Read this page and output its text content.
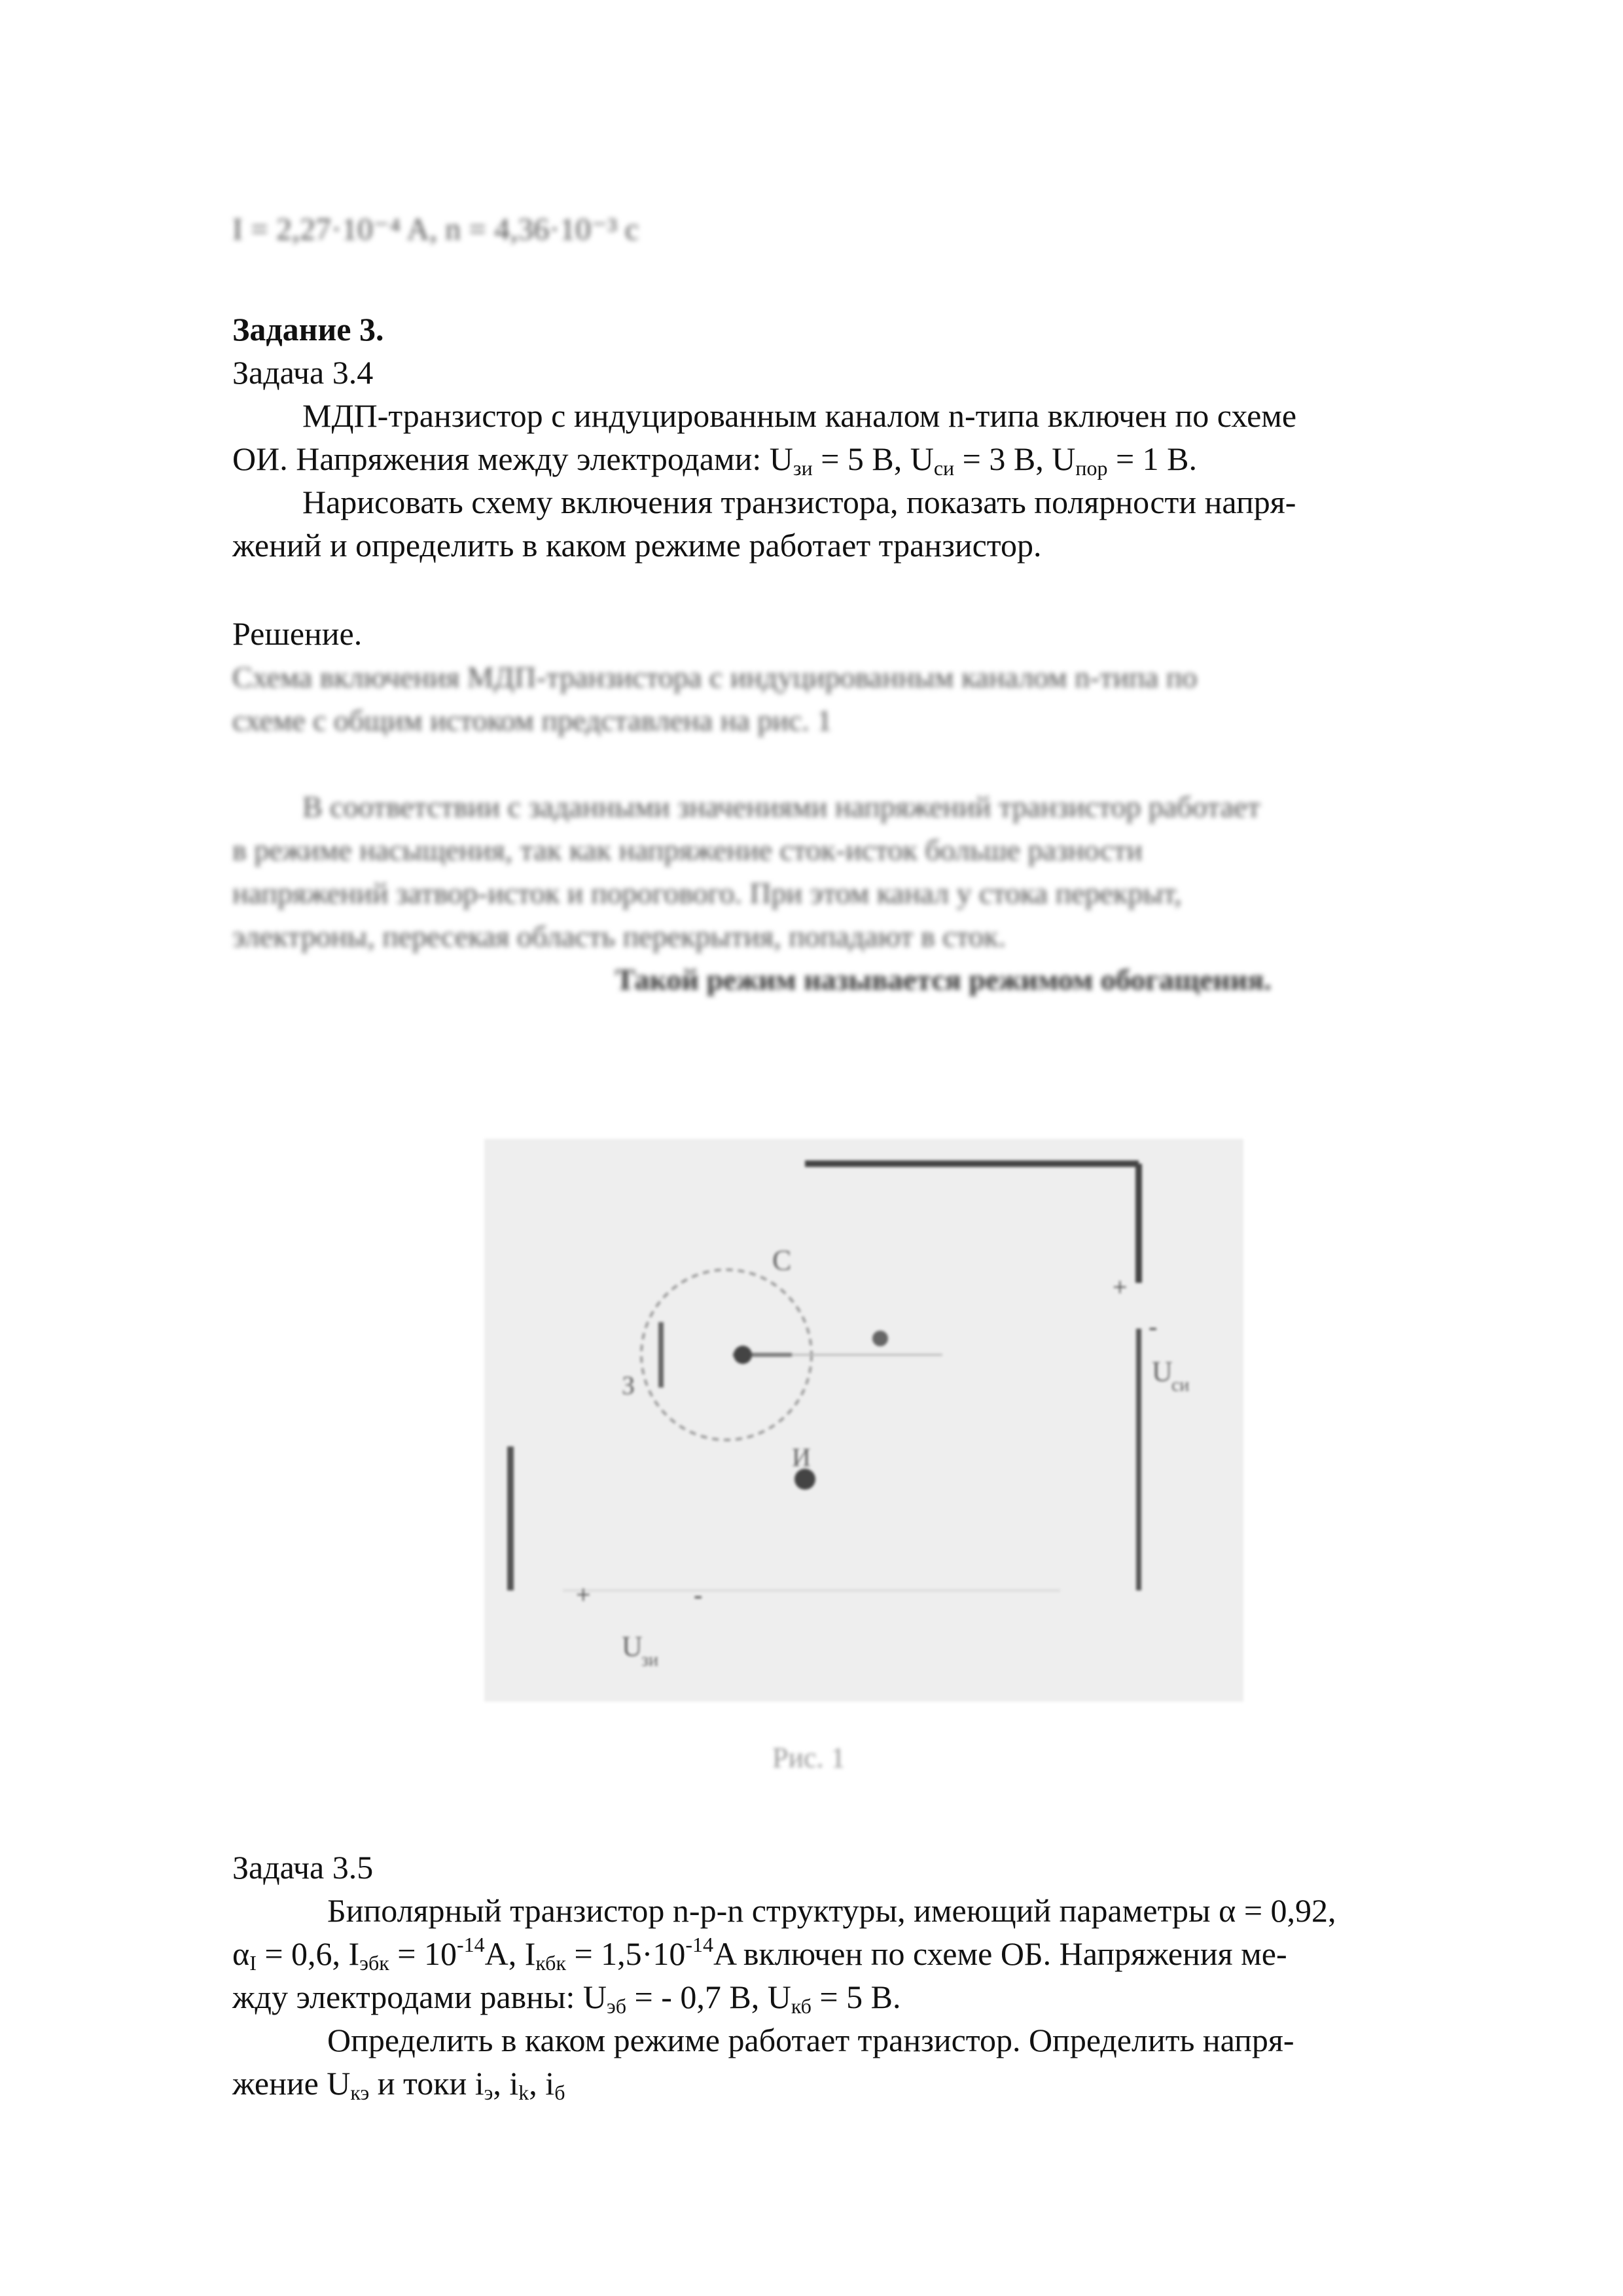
I = 2,27·10⁻⁴ A, n = 4,36·10⁻³ с
Задание 3.
Задача 3.4
МДП-транзистор с индуцированным каналом n-типа включен по схеме
ОИ. Напряжения между электродами: $U_{зи} = 5$ В, $U_{си} = 3$ В, $U_{пор} = 1$ В.
Нарисовать схему включения транзистора, показать полярности напря-
жений и определить в каком режиме работает транзистор.
Решение.
Схема включения МДП-транзистора с индуцированным каналом n-типа по
схеме с общим истоком представлена на рис. 1
В соответствии с заданными значениями напряжений транзистор работает
в режиме насыщения, так как напряжение сток-исток больше разности
напряжений затвор-исток и порогового. При этом канал у стока перекрыт,
электроны, пересекая область перекрытия, попадают в сток.
Такой режим называется режимом обогащения.
С
З
И
+
-
U
си
+	-
U
зи
Рис. 1
Задача 3.5
Биполярный транзистор n-p-n структуры, имеющий параметры α = 0,92,
$\alpha_I = 0,6$, $I_{эбк} = 10^{-14}A$, $I_{кбк} = 1,5\cdot 10^{-14}A$ включен по схеме ОБ. Напряжения ме-
жду электродами равны: $U_{эб}$ = - 0,7 В, $U_{кб} = 5$ В.
Определить в каком режиме работает транзистор. Определить напря-
жение $U_{кэ}$ и токи $i_э$, $i_k$, $i_б$
